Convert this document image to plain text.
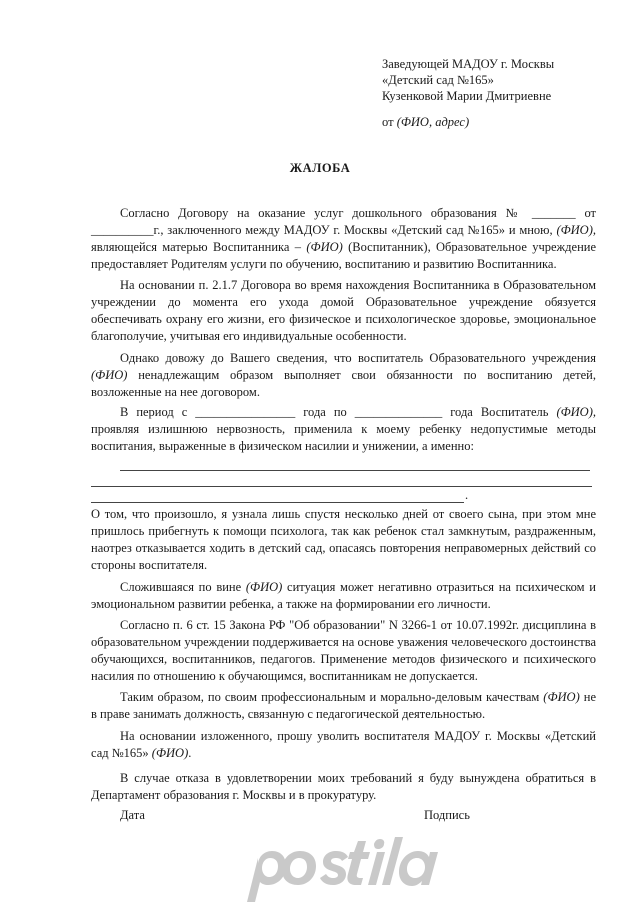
Заведующей МАДОУ г. Москвы
«Детский сад №165»
Кузенковой Марии Дмитриевне
от (ФИО, адрес)
ЖАЛОБА

Согласно Договору на оказание услуг дошкольного образования № _______ от __________г., заключенного между МАДОУ г. Москвы «Детский сад №165» и мною, (ФИО), являющейся матерью Воспитанника – (ФИО) (Воспитанник), Образовательное учреждение предоставляет Родителям услуги по обучению, воспитанию и развитию Воспитанника.

На основании п. 2.1.7 Договора во время нахождения Воспитанника в Образовательном учреждении до момента его ухода домой Образовательное учреждение обязуется обеспечивать охрану его жизни, его физическое и психологическое здоровье, эмоциональное благополучие, учитывая его индивидуальные особенности.

Однако довожу до Вашего сведения, что воспитатель Образовательного учреждения (ФИО) ненадлежащим образом выполняет свои обязанности по воспитанию детей, возложенные на нее договором.

В период с ________________ года по ______________ года Воспитатель (ФИО), проявляя излишнюю нервозность, применила к моему ребенку недопустимые методы воспитания, выраженные в физическом насилии и унижении, а именно:

.

О том, что произошло, я узнала лишь спустя несколько дней от своего сына, при этом мне пришлось прибегнуть к помощи психолога, так как ребенок стал замкнутым, раздраженным, наотрез отказывается ходить в детский сад, опасаясь повторения неправомерных действий со стороны воспитателя.

Сложившаяся по вине (ФИО) ситуация может негативно отразиться на психическом и эмоциональном развитии ребенка, а также на формировании его личности.

Согласно п. 6 ст. 15 Закона РФ "Об образовании" N 3266-1 от 10.07.1992г. дисциплина в образовательном учреждении поддерживается на основе уважения человеческого достоинства обучающихся, воспитанников, педагогов. Применение методов физического и психического насилия по отношению к обучающимся, воспитанникам не допускается.

Таким образом, по своим профессиональным и морально-деловым качествам (ФИО) не в праве занимать должность, связанную с педагогической деятельностью.

На основании изложенного, прошу уволить воспитателя МАДОУ г. Москвы «Детский сад №165» (ФИО).

В случае отказа в удовлетворении моих требований я буду вынуждена обратиться в Департамент образования г. Москвы и в прокуратуру.

Дата	Подпись
